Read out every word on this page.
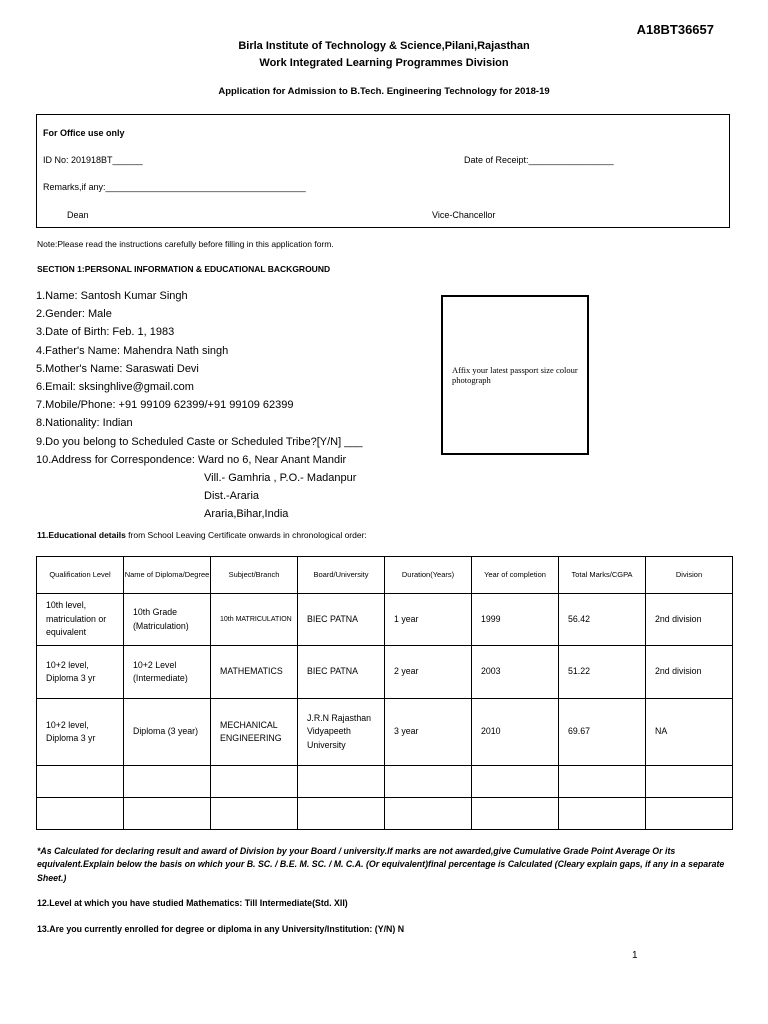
A18BT36657
Birla Institute of Technology & Science,Pilani,Rajasthan
Work Integrated Learning Programmes Division
Application for Admission to B.Tech. Engineering Technology for 2018-19
For Office use only
ID No: 201918BT______	Date of Receipt:_________________
Remarks,if any:________________________________________
Dean	Vice-Chancellor
Note:Please read the instructions carefully before filling in this application form.
SECTION 1:PERSONAL INFORMATION & EDUCATIONAL BACKGROUND
1.Name: Santosh Kumar Singh
2.Gender: Male
3.Date of Birth: Feb. 1, 1983
4.Father's Name: Mahendra Nath singh
5.Mother's Name: Saraswati Devi
6.Email: sksinghlive@gmail.com
7.Mobile/Phone: +91 99109 62399/+91 99109 62399
8.Nationality: Indian
9.Do you belong to Scheduled Caste or Scheduled Tribe?[Y/N] ___
10.Address for Correspondence: Ward no 6, Near Anant Mandir
Vill.- Gamhria , P.O.- Madanpur
Dist.-Araria
Araria,Bihar,India
Affix your latest passport size colour photograph
11.Educational details from School Leaving Certificate onwards in chronological order:
Qualification Level	Name of Diploma/Degree	Subject/Branch	Board/University	Duration(Years)	Year of completion	Total Marks/CGPA	Division
10th level, matriculation or equivalent	10th Grade (Matriculation)	10th MATRICULATION	BIEC PATNA	1 year	1999	56.42	2nd division
10+2 level, Diploma 3 yr	10+2 Level (Intermediate)	MATHEMATICS	BIEC PATNA	2 year	2003	51.22	2nd division
10+2 level, Diploma 3 yr	Diploma (3 year)	MECHANICAL ENGINEERING	J.R.N Rajasthan Vidyapeeth University	3 year	2010	69.67	NA

*As Calculated for declaring result and award of Division by your Board / university.If marks are not awarded,give Cumulative Grade Point Average Or its equivalent.Explain below the basis on which your B. SC. / B.E. M. SC. / M. C.A. (Or equivalent)final percentage is Calculated (Cleary explain gaps, if any in a separate Sheet.)
12.Level at which you have studied Mathematics: Till Intermediate(Std. XII)
13.Are you currently enrolled for degree or diploma in any University/Institution: (Y/N) N
1
